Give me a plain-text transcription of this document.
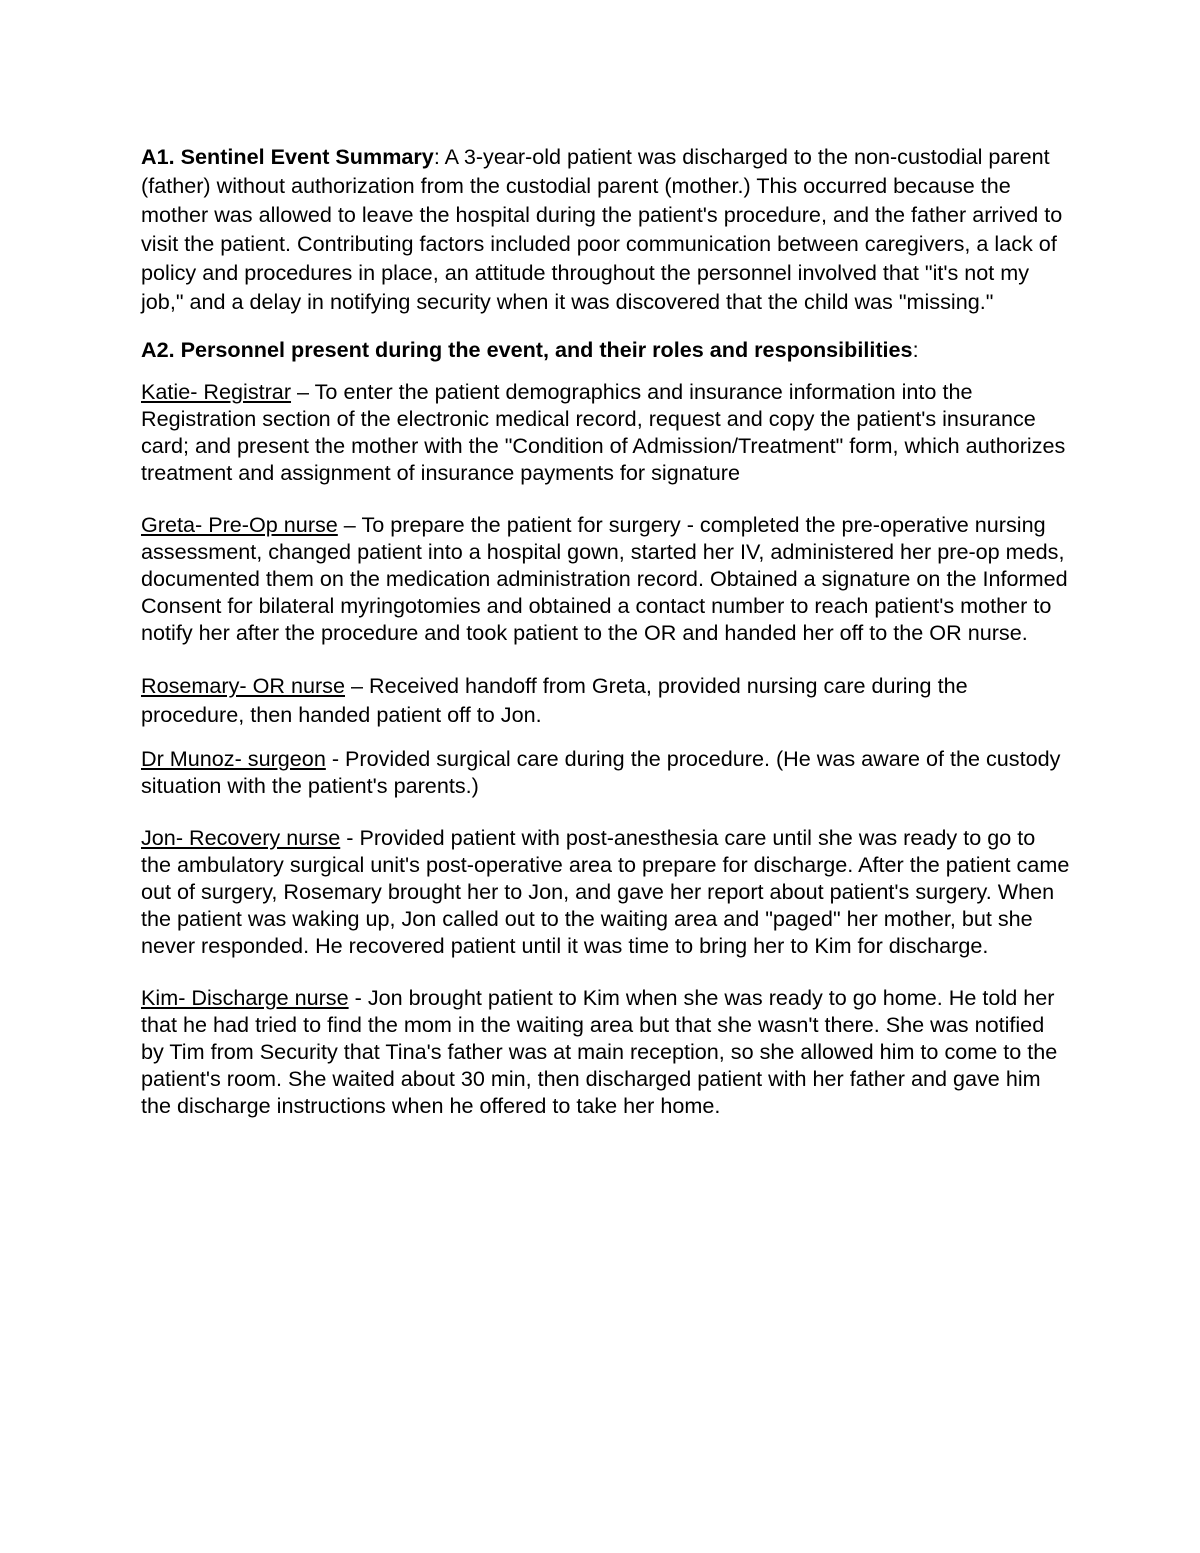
A1. Sentinel Event Summary: A 3-year-old patient was discharged to the non-custodial parent (father) without authorization from the custodial parent (mother.) This occurred because the mother was allowed to leave the hospital during the patient's procedure, and the father arrived to visit the patient. Contributing factors included poor communication between caregivers, a lack of policy and procedures in place, an attitude throughout the personnel involved that "it's not my job," and a delay in notifying security when it was discovered that the child was "missing."

A2. Personnel present during the event, and their roles and responsibilities:

Katie- Registrar – To enter the patient demographics and insurance information into the Registration section of the electronic medical record, request and copy the patient's insurance card; and present the mother with the "Condition of Admission/Treatment" form, which authorizes treatment and assignment of insurance payments for signature

Greta- Pre-Op nurse – To prepare the patient for surgery - completed the pre-operative nursing assessment, changed patient into a hospital gown, started her IV, administered her pre-op meds, documented them on the medication administration record. Obtained a signature on the Informed Consent for bilateral myringotomies and obtained a contact number to reach patient's mother to notify her after the procedure and took patient to the OR and handed her off to the OR nurse.

Rosemary- OR nurse – Received handoff from Greta, provided nursing care during the procedure, then handed patient off to Jon.

Dr Munoz- surgeon - Provided surgical care during the procedure. (He was aware of the custody situation with the patient's parents.)

Jon- Recovery nurse - Provided patient with post-anesthesia care until she was ready to go to the ambulatory surgical unit's post-operative area to prepare for discharge. After the patient came out of surgery, Rosemary brought her to Jon, and gave her report about patient's surgery. When the patient was waking up, Jon called out to the waiting area and "paged" her mother, but she never responded. He recovered patient until it was time to bring her to Kim for discharge.

Kim- Discharge nurse - Jon brought patient to Kim when she was ready to go home. He told her that he had tried to find the mom in the waiting area but that she wasn't there. She was notified by Tim from Security that Tina's father was at main reception, so she allowed him to come to the patient's room. She waited about 30 min, then discharged patient with her father and gave him the discharge instructions when he offered to take her home.
